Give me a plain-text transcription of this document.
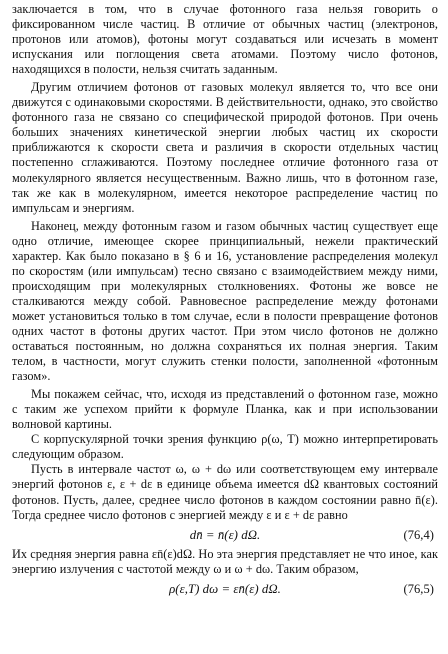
заключается в том, что в случае фотонного газа нельзя говорить о фиксированном числе частиц. В отличие от обычных частиц (электронов, протонов или атомов), фотоны могут создаваться или исчезать в момент испускания или поглощения света атомами. Поэтому число фотонов, находящихся в полости, нельзя считать заданным.

Другим отличием фотонов от газовых молекул является то, что все они движутся с одинаковыми скоростями. В действительности, однако, это свойство фотонного газа не связано со специфической природой фотонов. При очень больших значениях кинетической энергии любых частиц их скорости приближаются к скорости света и различия в скорости отдельных частиц постепенно сглаживаются. Поэтому последнее отличие фотонного газа от молекулярного является несущественным. Важно лишь, что в фотонном газе, так же как в молекулярном, имеется некоторое распределение частиц по импульсам и энергиям.

Наконец, между фотонным газом и газом обычных частиц существует еще одно отличие, имеющее скорее принципиальный, нежели практический характер. Как было показано в § 6 и 16, установление распределения молекул по скоростям (или импульсам) тесно связано с взаимодействием между ними, происходящим при молекулярных столкновениях. Фотоны же вовсе не сталкиваются между собой. Равновесное распределение между фотонами может установиться только в том случае, если в полости превращение фотонов одних частот в фотоны других частот. При этом число фотонов не должно оставаться постоянным, но должна сохраняться их полная энергия. Таким телом, в частности, могут служить стенки полости, заполненной «фотонным газом».

Мы покажем сейчас, что, исходя из представлений о фотонном газе, можно с таким же успехом прийти к формуле Планка, как и при использовании волновой картины.

С корпускулярной точки зрения функцию ρ(ω, T) можно интерпретировать следующим образом.

Пусть в интервале частот ω, ω + dω или соответствующем ему интервале энергий фотонов ε, ε + dε в единице объема имеется dΩ квантовых состояний фотонов. Пусть, далее, среднее число фотонов в каждом состоянии равно n̄(ε). Тогда среднее число фотонов с энергией между ε и ε + dε равно

dn̄ = n̄(ε) dΩ.	(76,4)

Их средняя энергия равна εn̄(ε)dΩ. Но эта энергия представляет не что иное, как энергию излучения с частотой между ω и ω + dω. Таким образом,

ρ(ε,T) dω = εn̄(ε) dΩ.	(76,5)
